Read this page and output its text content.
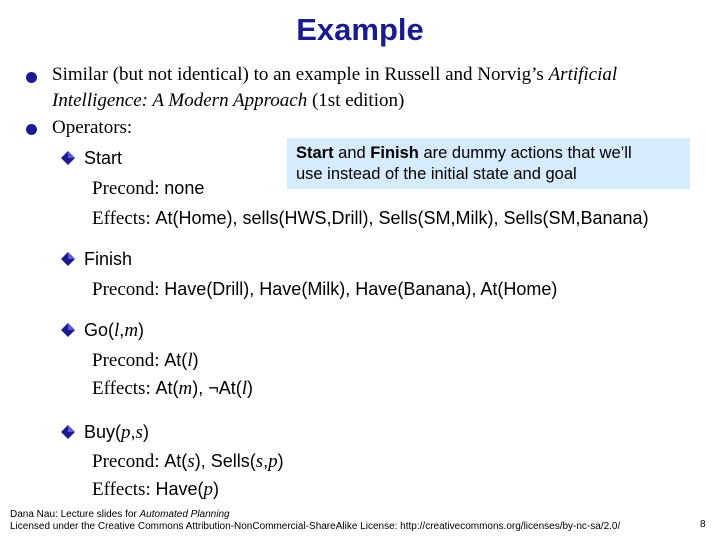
Example
Similar (but not identical) to an example in Russell and Norvig’s Artificial
Intelligence: A Modern Approach (1st edition)
Operators:
Start and Finish are dummy actions that we’ll
use instead of the initial state and goal
Start
Precond: none
Effects: At(Home), sells(HWS,Drill), Sells(SM,Milk), Sells(SM,Banana)
Finish
Precond: Have(Drill), Have(Milk), Have(Banana), At(Home)
Go(l,m)
Precond: At(l)
Effects: At(m), ¬At(l)
Buy(p,s)
Precond: At(s), Sells(s,p)
Effects: Have(p)
Dana Nau: Lecture slides for Automated Planning
Licensed under the Creative Commons Attribution-NonCommercial-ShareAlike License: http://creativecommons.org/licenses/by-nc-sa/2.0/	8
